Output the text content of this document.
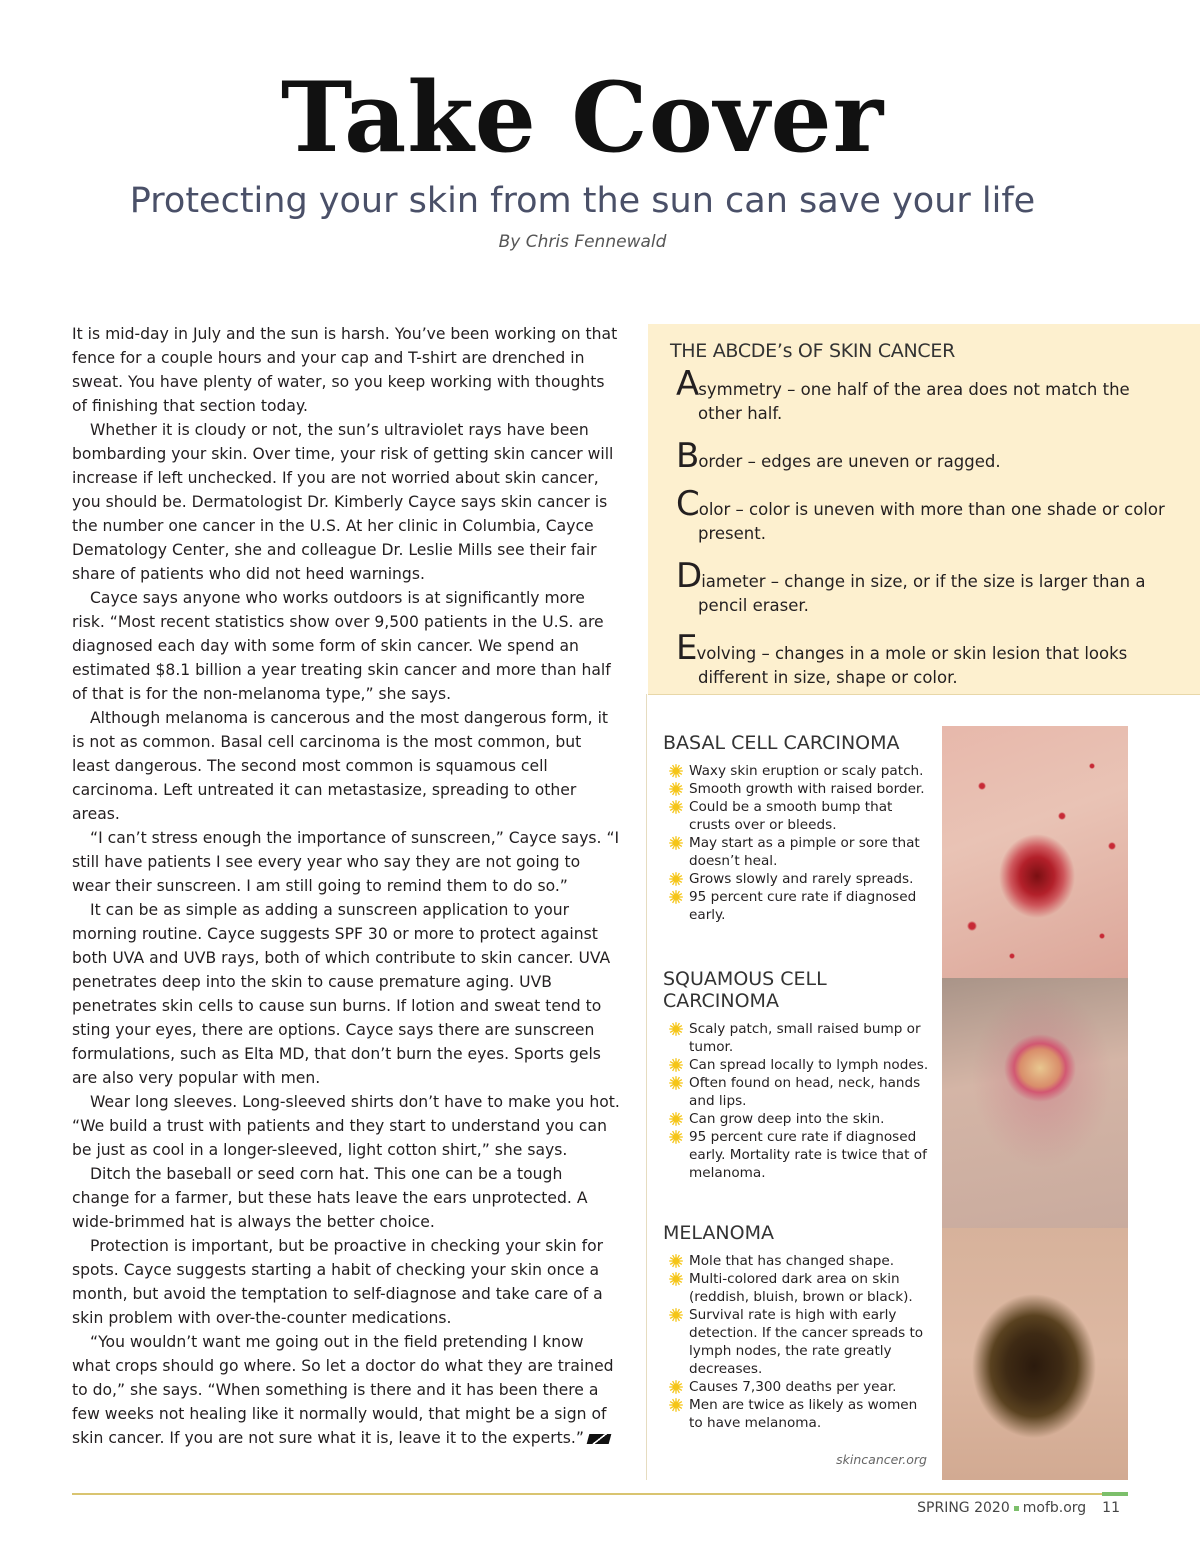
Take Cover
Protecting your skin from the sun can save your life
By Chris Fennewald

It is mid-day in July and the sun is harsh. You’ve been working on that fence for a couple hours and your cap and T-shirt are drenched in sweat. You have plenty of water, so you keep working with thoughts of finishing that section today.

Whether it is cloudy or not, the sun’s ultraviolet rays have been bombarding your skin. Over time, your risk of getting skin cancer will increase if left unchecked. If you are not worried about skin cancer, you should be. Dermatologist Dr. Kimberly Cayce says skin cancer is the number one cancer in the U.S. At her clinic in Columbia, Cayce Dematology Center, she and colleague Dr. Leslie Mills see their fair share of patients who did not heed warnings.

Cayce says anyone who works outdoors is at significantly more risk. “Most recent statistics show over 9,500 patients in the U.S. are diagnosed each day with some form of skin cancer. We spend an estimated $8.1 billion a year treating skin cancer and more than half of that is for the non-melanoma type,” she says.

Although melanoma is cancerous and the most dangerous form, it is not as common. Basal cell carcinoma is the most common, but least dangerous. The second most common is squamous cell carcinoma. Left untreated it can metastasize, spreading to other areas.

“I can’t stress enough the importance of sunscreen,” Cayce says. “I still have patients I see every year who say they are not going to wear their sunscreen. I am still going to remind them to do so.”

It can be as simple as adding a sunscreen application to your morning routine. Cayce suggests SPF 30 or more to protect against both UVA and UVB rays, both of which contribute to skin cancer. UVA penetrates deep into the skin to cause premature aging. UVB penetrates skin cells to cause sun burns. If lotion and sweat tend to sting your eyes, there are options. Cayce says there are sunscreen formulations, such as Elta MD, that don’t burn the eyes. Sports gels are also very popular with men.

Wear long sleeves. Long-sleeved shirts don’t have to make you hot. “We build a trust with patients and they start to understand you can be just as cool in a longer-sleeved, light cotton shirt,” she says.

Ditch the baseball or seed corn hat. This one can be a tough change for a farmer, but these hats leave the ears unprotected. A wide-brimmed hat is always the better choice.

Protection is important, but be proactive in checking your skin for spots. Cayce suggests starting a habit of checking your skin once a month, but avoid the temptation to self-diagnose and take care of a skin problem with over-the-counter medications.

“You wouldn’t want me going out in the field pretending I know what crops should go where. So let a doctor do what they are trained to do,” she says. “When something is there and it has been there a few weeks not healing like it normally would, that might be a sign of skin cancer. If you are not sure what it is, leave it to the experts.”

THE ABCDE’s OF SKIN CANCER
Asymmetry – one half of the area does not match the other half.
Border – edges are uneven or ragged.
Color – color is uneven with more than one shade or color present.
Diameter – change in size, or if the size is larger than a pencil eraser.
Evolving – changes in a mole or skin lesion that looks different in size, shape or color.
BASAL CELL CARCINOMA
Waxy skin eruption or scaly patch.
Smooth growth with raised border.
Could be a smooth bump that crusts over or bleeds.
May start as a pimple or sore that doesn’t heal.
Grows slowly and rarely spreads.
95 percent cure rate if diagnosed early.
SQUAMOUS CELL CARCINOMA
Scaly patch, small raised bump or tumor.
Can spread locally to lymph nodes.
Often found on head, neck, hands and lips.
Can grow deep into the skin.
95 percent cure rate if diagnosed early. Mortality rate is twice that of melanoma.
MELANOMA
Mole that has changed shape.
Multi-colored dark area on skin (reddish, bluish, brown or black).
Survival rate is high with early detection. If the cancer spreads to lymph nodes, the rate greatly decreases.
Causes 7,300 deaths per year.
Men are twice as likely as women to have melanoma.
skincancer.org
SPRING 2020 mofb.org 11
